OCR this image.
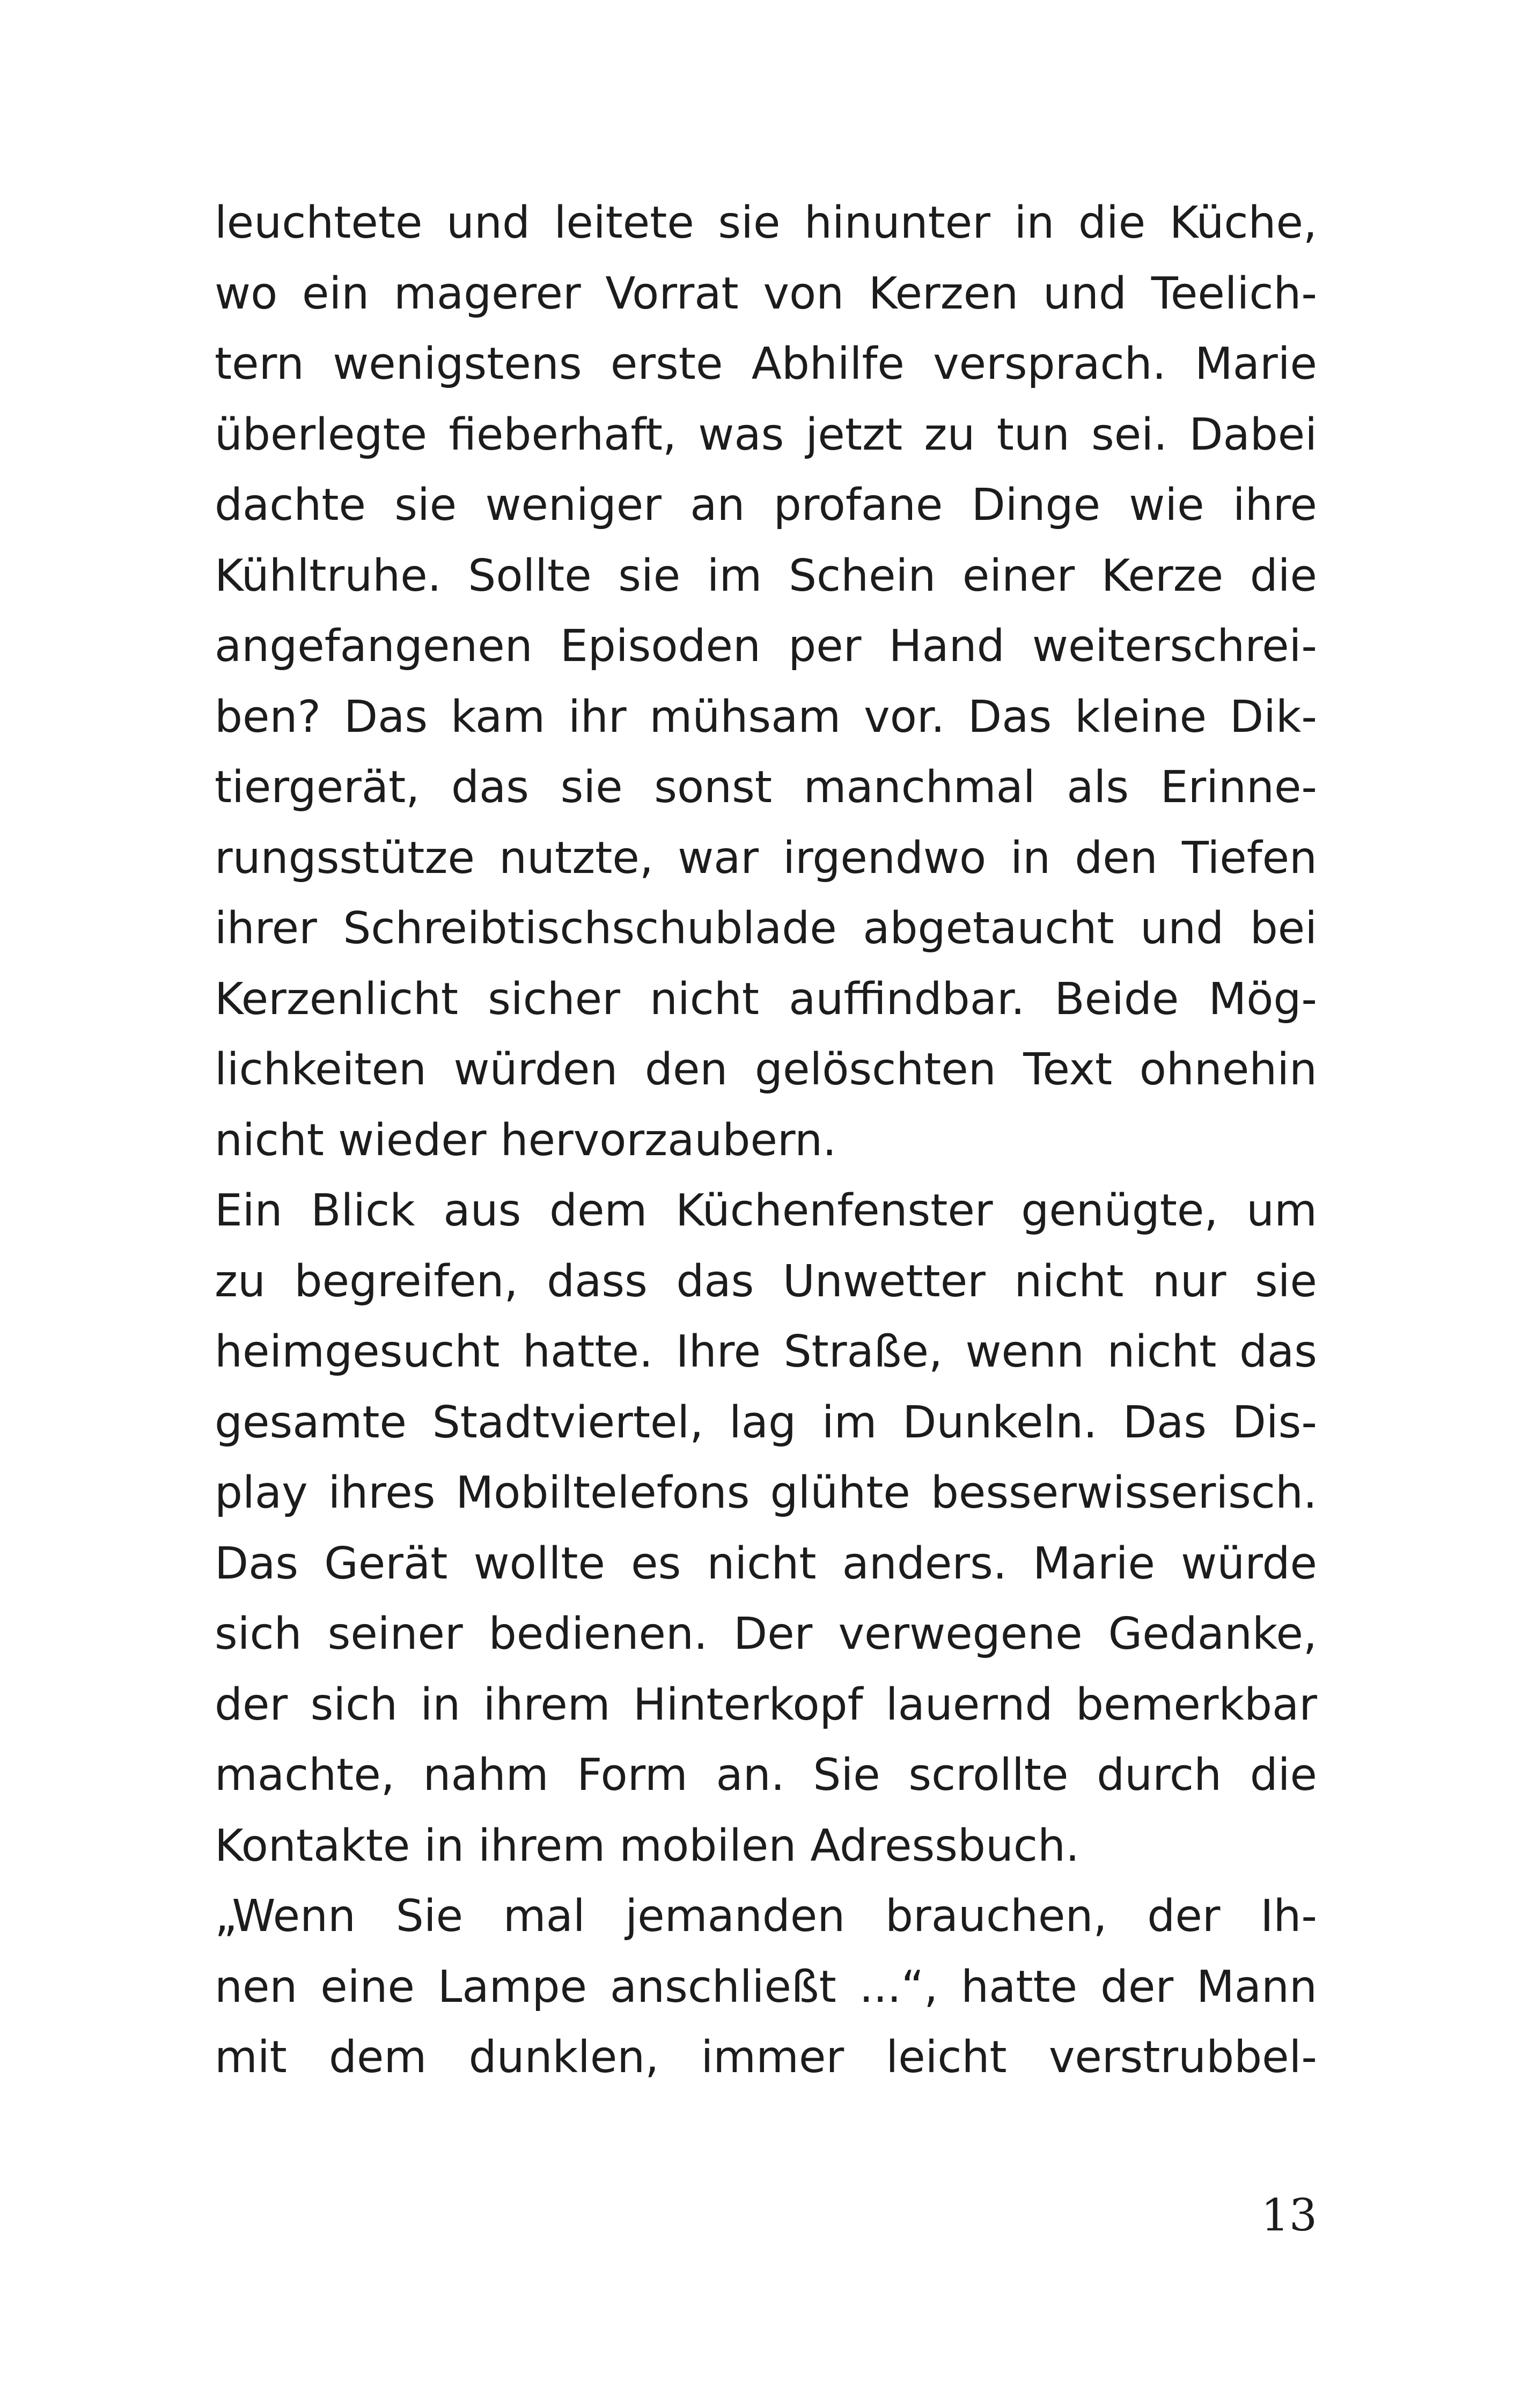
leuchtete und leitete sie hinunter in die Küche,
wo ein magerer Vorrat von Kerzen und Teelich-
tern wenigstens erste Abhilfe versprach. Marie
überlegte fieberhaft, was jetzt zu tun sei. Dabei
dachte sie weniger an profane Dinge wie ihre
Kühltruhe. Sollte sie im Schein einer Kerze die
angefangenen Episoden per Hand weiterschrei-
ben? Das kam ihr mühsam vor. Das kleine Dik-
tiergerät, das sie sonst manchmal als Erinne-
rungsstütze nutzte, war irgendwo in den Tiefen
ihrer Schreibtischschublade abgetaucht und bei
Kerzenlicht sicher nicht auffindbar. Beide Mög-
lichkeiten würden den gelöschten Text ohnehin
nicht wieder hervorzaubern.
Ein Blick aus dem Küchenfenster genügte, um
zu begreifen, dass das Unwetter nicht nur sie
heimgesucht hatte. Ihre Straße, wenn nicht das
gesamte Stadtviertel, lag im Dunkeln. Das Dis-
play ihres Mobiltelefons glühte besserwisserisch.
Das Gerät wollte es nicht anders. Marie würde
sich seiner bedienen. Der verwegene Gedanke,
der sich in ihrem Hinterkopf lauernd bemerkbar
machte, nahm Form an. Sie scrollte durch die
Kontakte in ihrem mobilen Adressbuch.
„Wenn Sie mal jemanden brauchen, der Ih-
nen eine Lampe anschließt ...“, hatte der Mann
mit dem dunklen, immer leicht verstrubbel-
13
